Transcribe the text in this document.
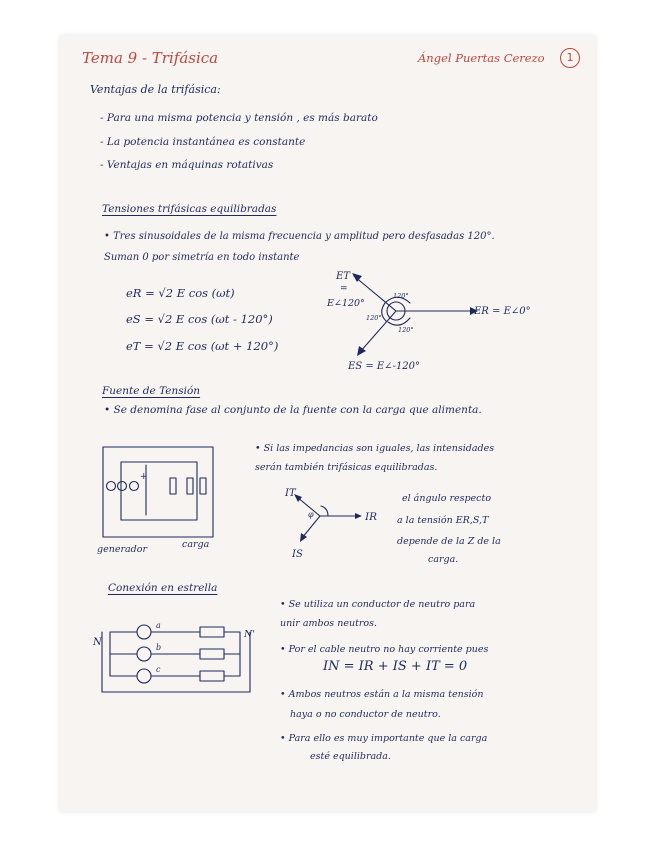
Tema 9 - Trifásica	Ángel Puertas Cerezo	1
Ventajas de la trifásica:
- Para una misma potencia y tensión , es más barato
- La potencia instantánea es constante
- Ventajas en máquinas rotativas
Tensiones trifásicas equilibradas
• Tres sinusoidales de la misma frecuencia y amplitud pero desfasadas 120°.
Suman 0 por simetría en todo instante
eR = √2 E cos (ωt)
eS = √2 E cos (ωt - 120°)
eT = √2 E cos (ωt + 120°)
ET
=
E∠120°
ER = E∠0°
ES = E∠-120°
120°
120°
120°
Fuente de Tensión
• Se denomina fase al conjunto de la fuente con la carga que alimenta.
• Si las impedancias son iguales, las intensidades
serán también trifásicas equilibradas.
+
generador	carga
IR
IT
IS
φ
el ángulo respecto
a la tensión ER,S,T
depende de la Z de la
carga.
Conexión en estrella
N
N'
a
b
c
• Se utiliza un conductor de neutro para
unir ambos neutros.
• Por el cable neutro no hay corriente pues
IN = IR + IS + IT = 0
• Ambos neutros están a la misma tensión
haya o no conductor de neutro.
• Para ello es muy importante que la carga
esté equilibrada.
